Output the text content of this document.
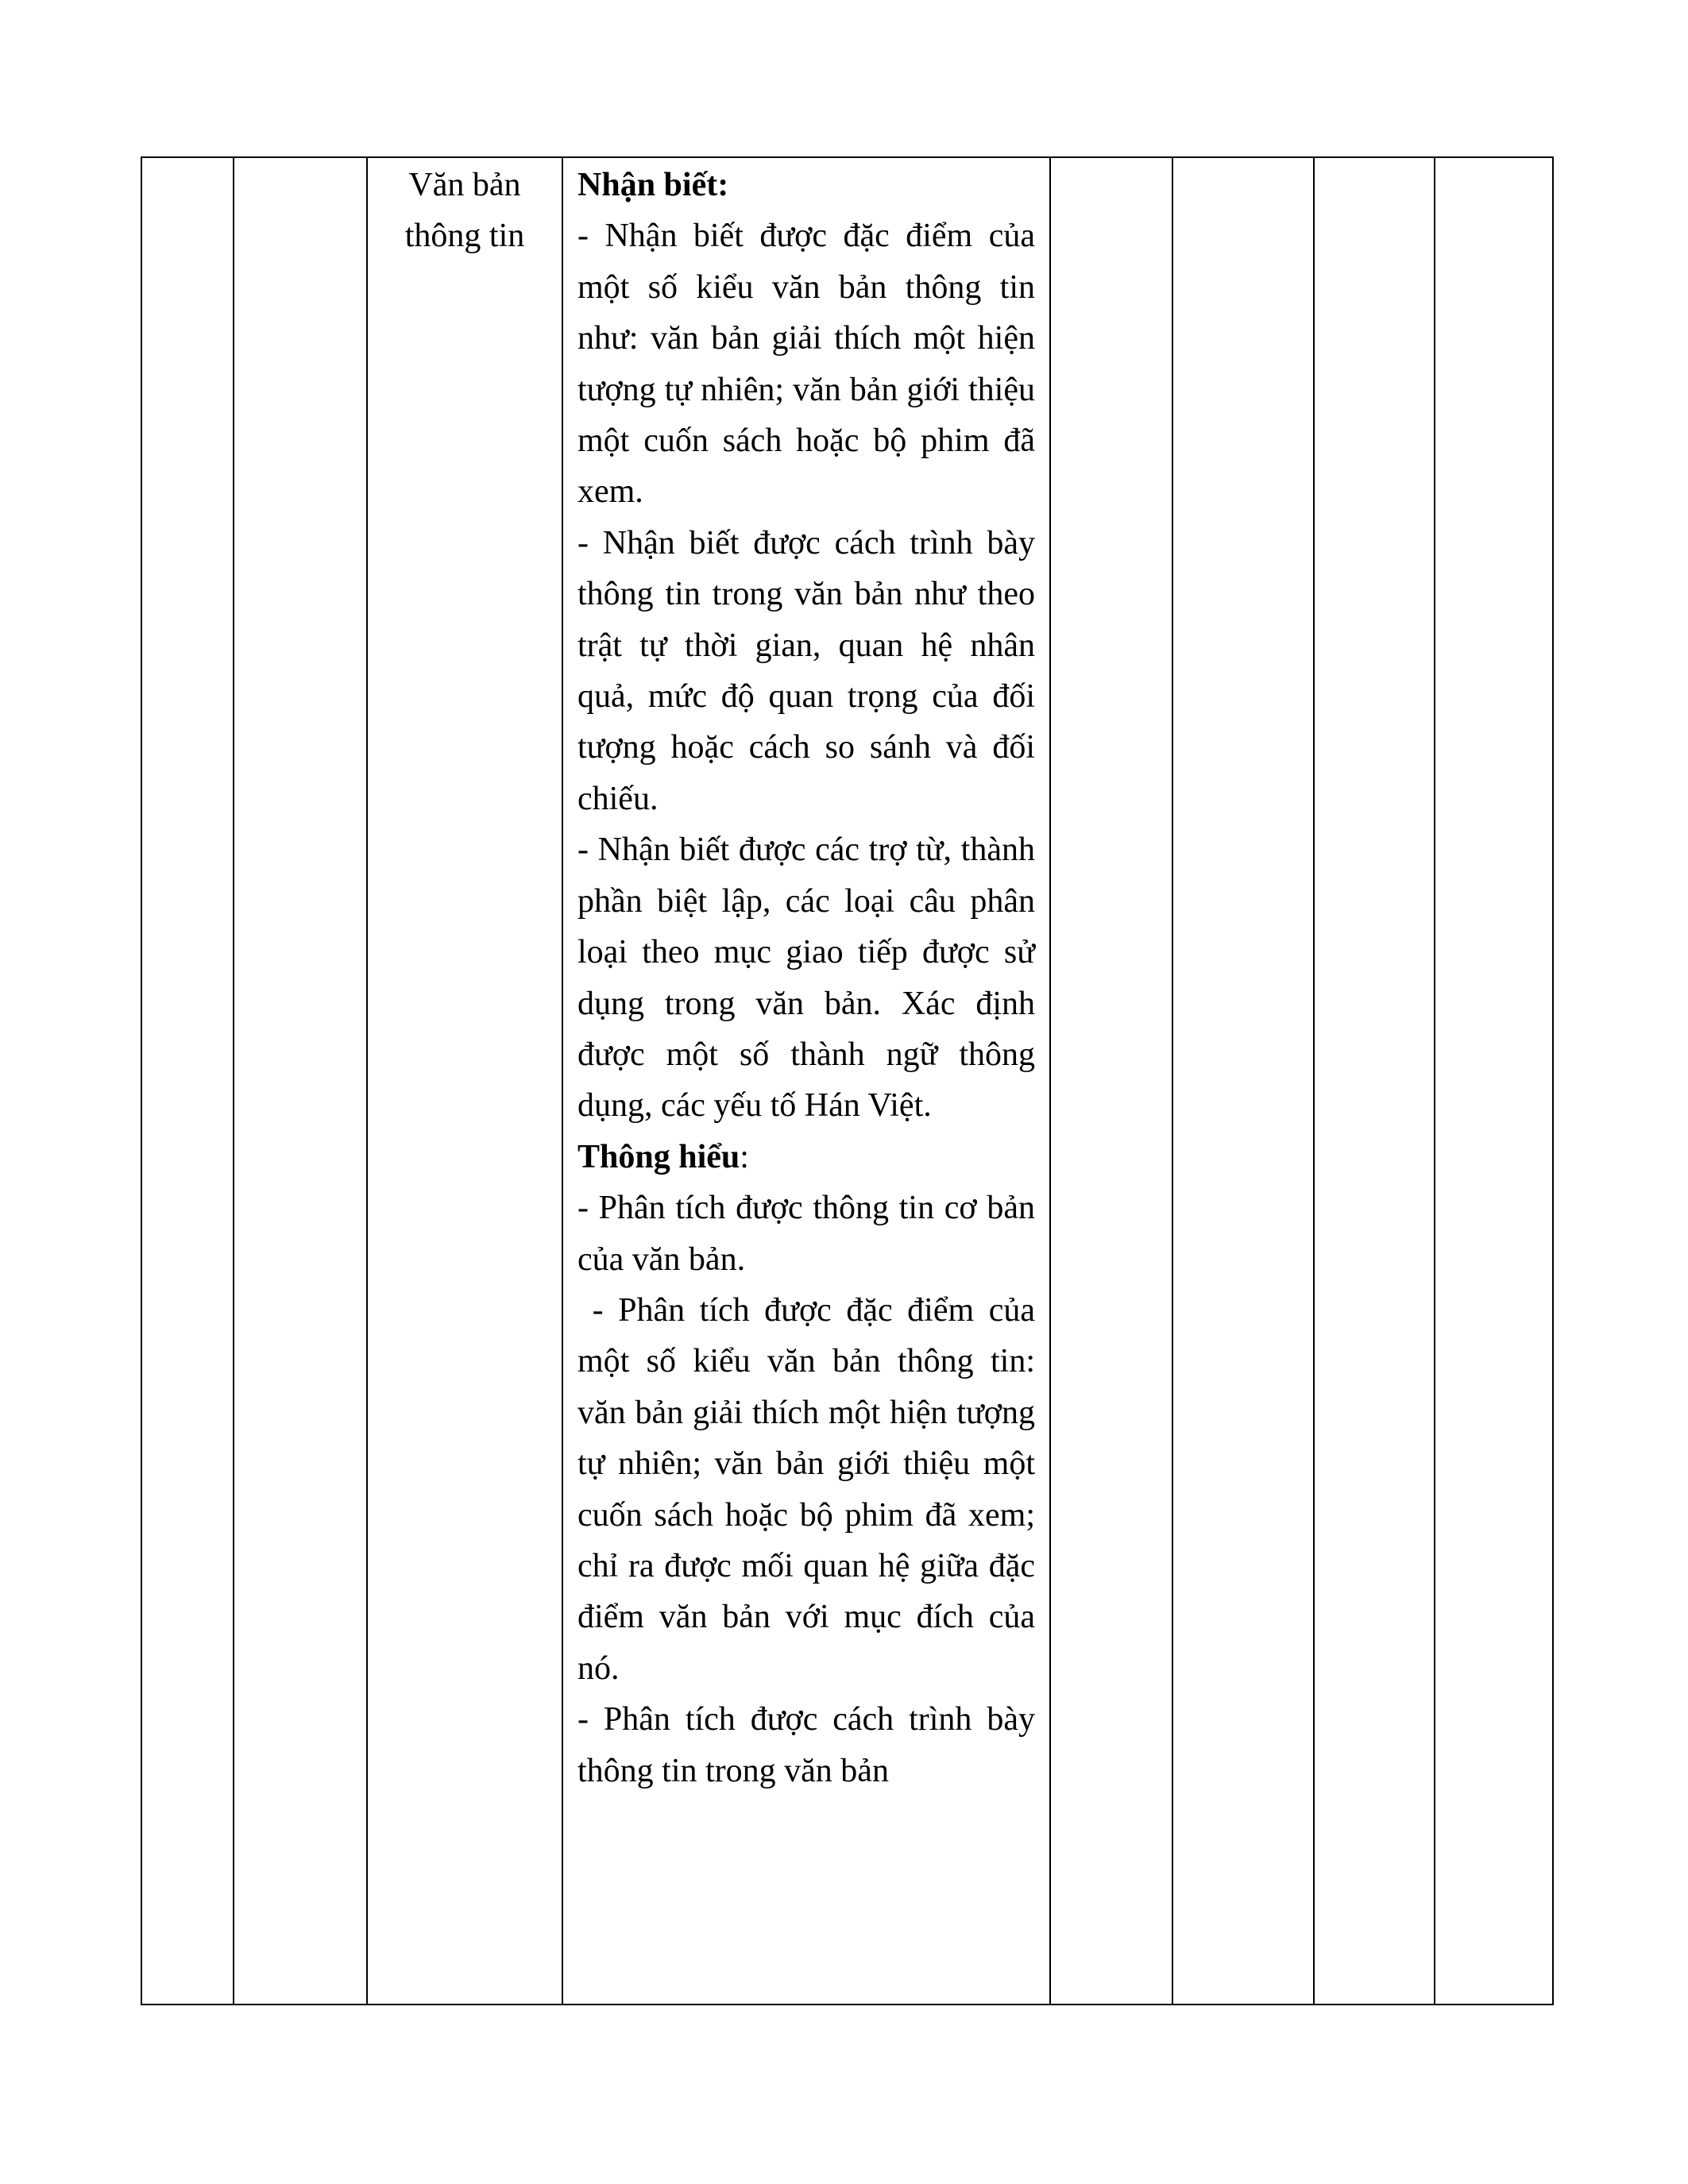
Văn bản thông tin

Nhận biết:

- Nhận biết được đặc điểm của một số kiểu văn bản thông tin như: văn bản giải thích một hiện tượng tự nhiên; văn bản giới thiệu một cuốn sách hoặc bộ phim đã xem.

- Nhận biết được cách trình bày thông tin trong văn bản như theo trật tự thời gian, quan hệ nhân quả, mức độ quan trọng của đối tượng hoặc cách so sánh và đối chiếu.

- Nhận biết được các trợ từ, thành phần biệt lập, các loại câu phân loại theo mục giao tiếp được sử dụng trong văn bản. Xác định được một số thành ngữ thông dụng, các yếu tố Hán Việt.

Thông hiểu:

- Phân tích được thông tin cơ bản của văn bản.

- Phân tích được đặc điểm của một số kiểu văn bản thông tin: văn bản giải thích một hiện tượng tự nhiên; văn bản giới thiệu một cuốn sách hoặc bộ phim đã xem; chỉ ra được mối quan hệ giữa đặc điểm văn bản với mục đích của nó.

- Phân tích được cách trình bày thông tin trong văn bản
